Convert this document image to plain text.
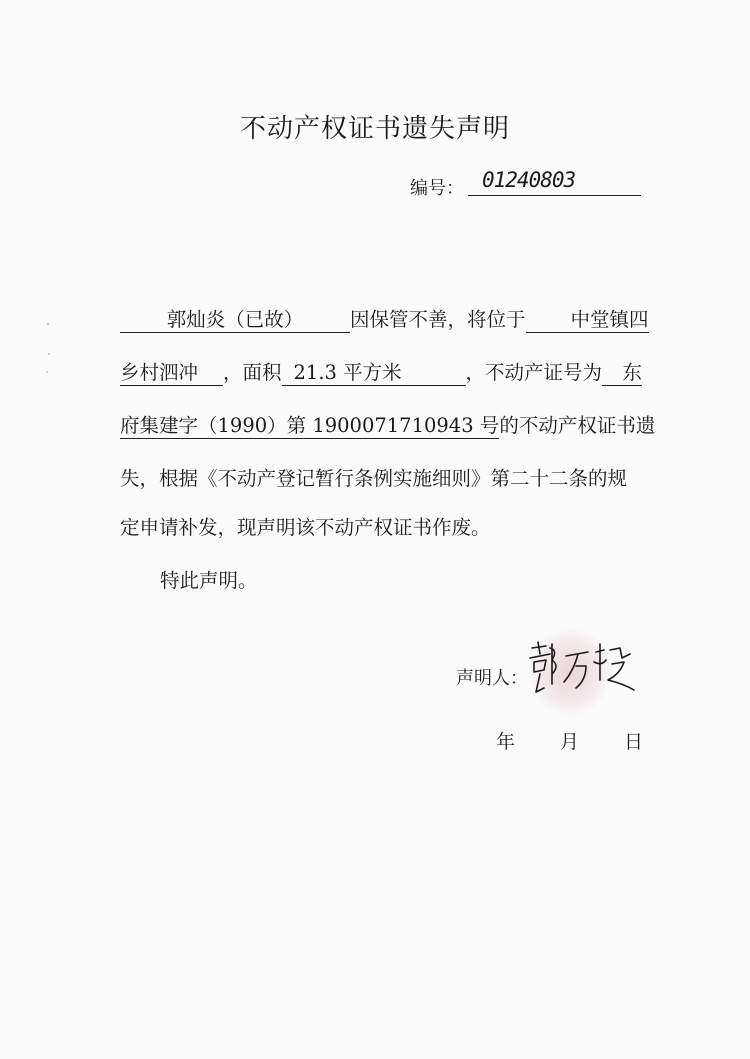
不动产权证书遗失声明
编号： 01240803
郭灿炎（已故） 因保管不善，将位于 中堂镇四
乡村泗冲 ，面积 21.3 平方米	，不动产证号为 东
府集建字（1990）第 1900071710943 号的不动产权证书遗
失，根据《不动产登记暂行条例实施细则》第二十二条的规
定申请补发，现声明该不动产权证书作废。
特此声明。
声明人：
年 月 日
